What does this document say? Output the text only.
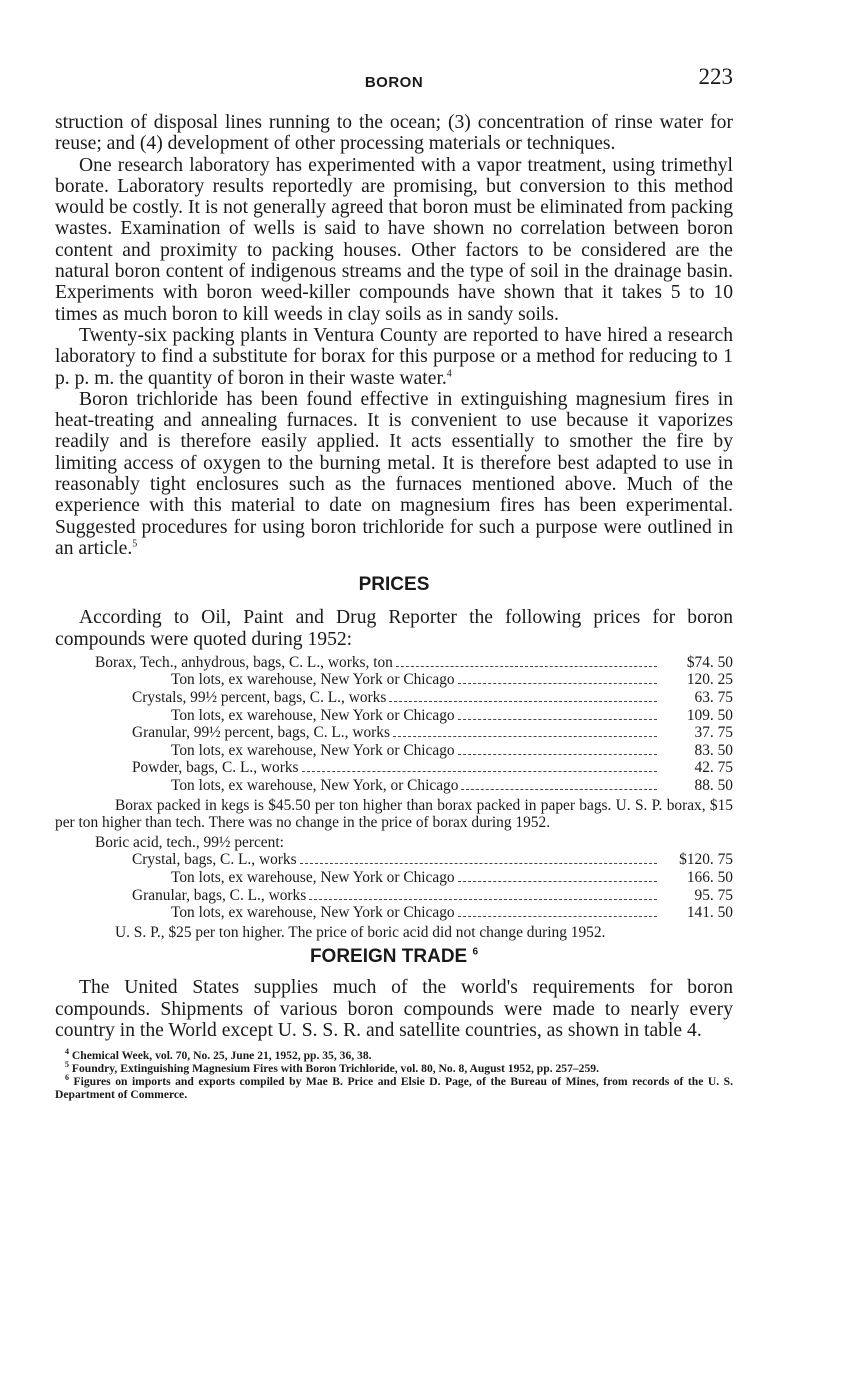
BORON	223

struction of disposal lines running to the ocean; (3) concentration of rinse water for reuse; and (4) development of other processing materials or techniques.

One research laboratory has experimented with a vapor treatment, using trimethyl borate. Laboratory results reportedly are promising, but conversion to this method would be costly. It is not generally agreed that boron must be eliminated from packing wastes. Examination of wells is said to have shown no correlation between boron content and proximity to packing houses. Other factors to be considered are the natural boron content of indigenous streams and the type of soil in the drainage basin. Experiments with boron weed-killer compounds have shown that it takes 5 to 10 times as much boron to kill weeds in clay soils as in sandy soils.

Twenty-six packing plants in Ventura County are reported to have hired a research laboratory to find a substitute for borax for this purpose or a method for reducing to 1 p. p. m. the quantity of boron in their waste water.$^4$

Boron trichloride has been found effective in extinguishing magnesium fires in heat-treating and annealing furnaces. It is convenient to use because it vaporizes readily and is therefore easily applied. It acts essentially to smother the fire by limiting access of oxygen to the burning metal. It is therefore best adapted to use in reasonably tight enclosures such as the furnaces mentioned above. Much of the experience with this material to date on magnesium fires has been experimental. Suggested procedures for using boron trichloride for such a purpose were outlined in an article.$^5$

PRICES

According to Oil, Paint and Drug Reporter the following prices for boron compounds were quoted during 1952:

Borax, Tech., anhydrous, bags, C. L., works, ton	$74. 50
Ton lots, ex warehouse, New York or Chicago	120. 25
Crystals, 99½ percent, bags, C. L., works	63. 75
Ton lots, ex warehouse, New York or Chicago	109. 50
Granular, 99½ percent, bags, C. L., works	37. 75
Ton lots, ex warehouse, New York or Chicago	83. 50
Powder, bags, C. L., works	42. 75
Ton lots, ex warehouse, New York, or Chicago	88. 50

Borax packed in kegs is $45.50 per ton higher than borax packed in paper bags. U. S. P. borax, $15 per ton higher than tech. There was no change in the price of borax during 1952.

Boric acid, tech., 99½ percent:
Crystal, bags, C. L., works	$120. 75
Ton lots, ex warehouse, New York or Chicago	166. 50
Granular, bags, C. L., works	95. 75
Ton lots, ex warehouse, New York or Chicago	141. 50

U. S. P., $25 per ton higher. The price of boric acid did not change during 1952.

FOREIGN TRADE $^6$

The United States supplies much of the world's requirements for boron compounds. Shipments of various boron compounds were made to nearly every country in the World except U. S. S. R. and satellite countries, as shown in table 4.

$^4$ Chemical Week, vol. 70, No. 25, June 21, 1952, pp. 35, 36, 38.

$^5$ Foundry, Extinguishing Magnesium Fires with Boron Trichloride, vol. 80, No. 8, August 1952, pp. 257–259.

$^6$ Figures on imports and exports compiled by Mae B. Price and Elsie D. Page, of the Bureau of Mines, from records of the U. S. Department of Commerce.
